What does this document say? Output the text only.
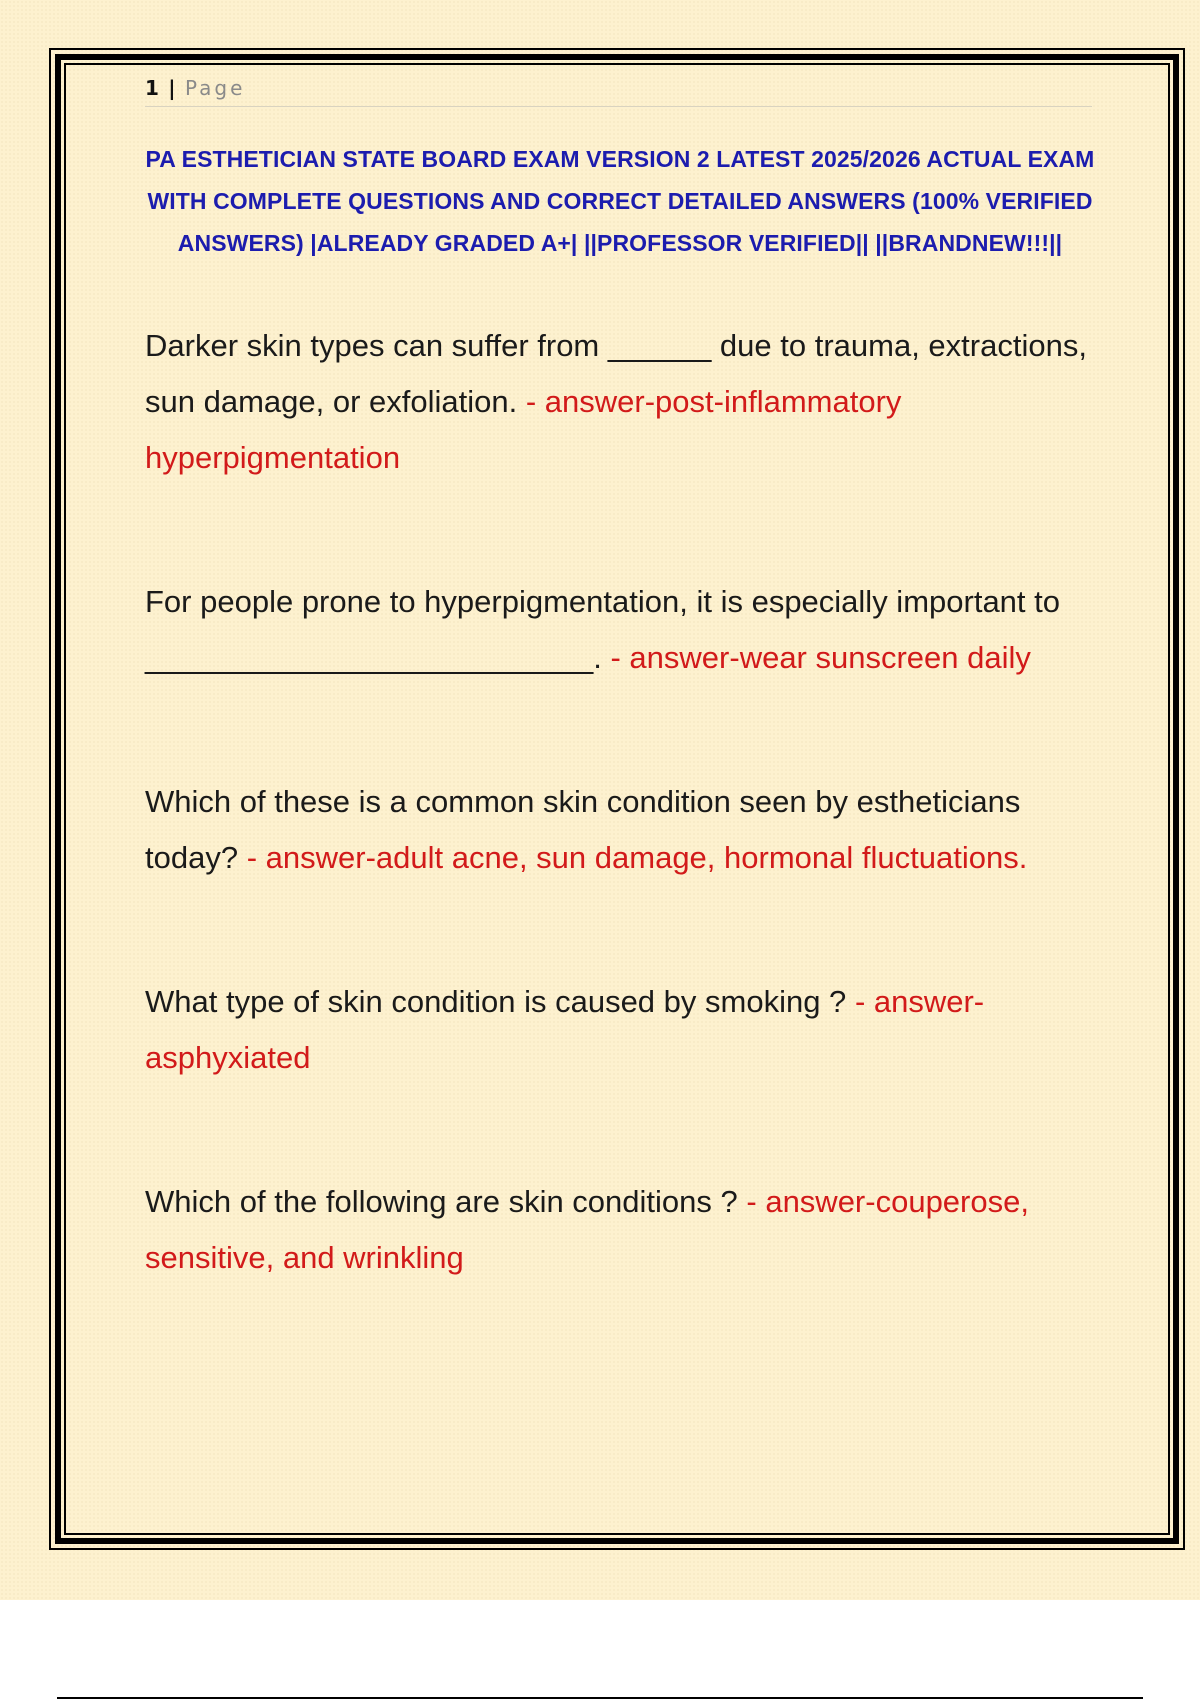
1 | Page
PA ESTHETICIAN STATE BOARD EXAM VERSION 2 LATEST 2025/2026 ACTUAL EXAM WITH COMPLETE QUESTIONS AND CORRECT DETAILED ANSWERS (100% VERIFIED ANSWERS) |ALREADY GRADED A+| ||PROFESSOR VERIFIED|| ||BRANDNEW!!!||

Darker skin types can suffer from ______ due to trauma, extractions, sun damage, or exfoliation. - answer-post-inflammatory hyperpigmentation

For people prone to hyperpigmentation, it is especially important to __________________________. - answer-wear sunscreen daily

Which of these is a common skin condition seen by estheticians today? - answer-adult acne, sun damage, hormonal fluctuations.

What type of skin condition is caused by smoking ? - answer-asphyxiated

Which of the following are skin conditions ? - answer-couperose, sensitive, and wrinkling
